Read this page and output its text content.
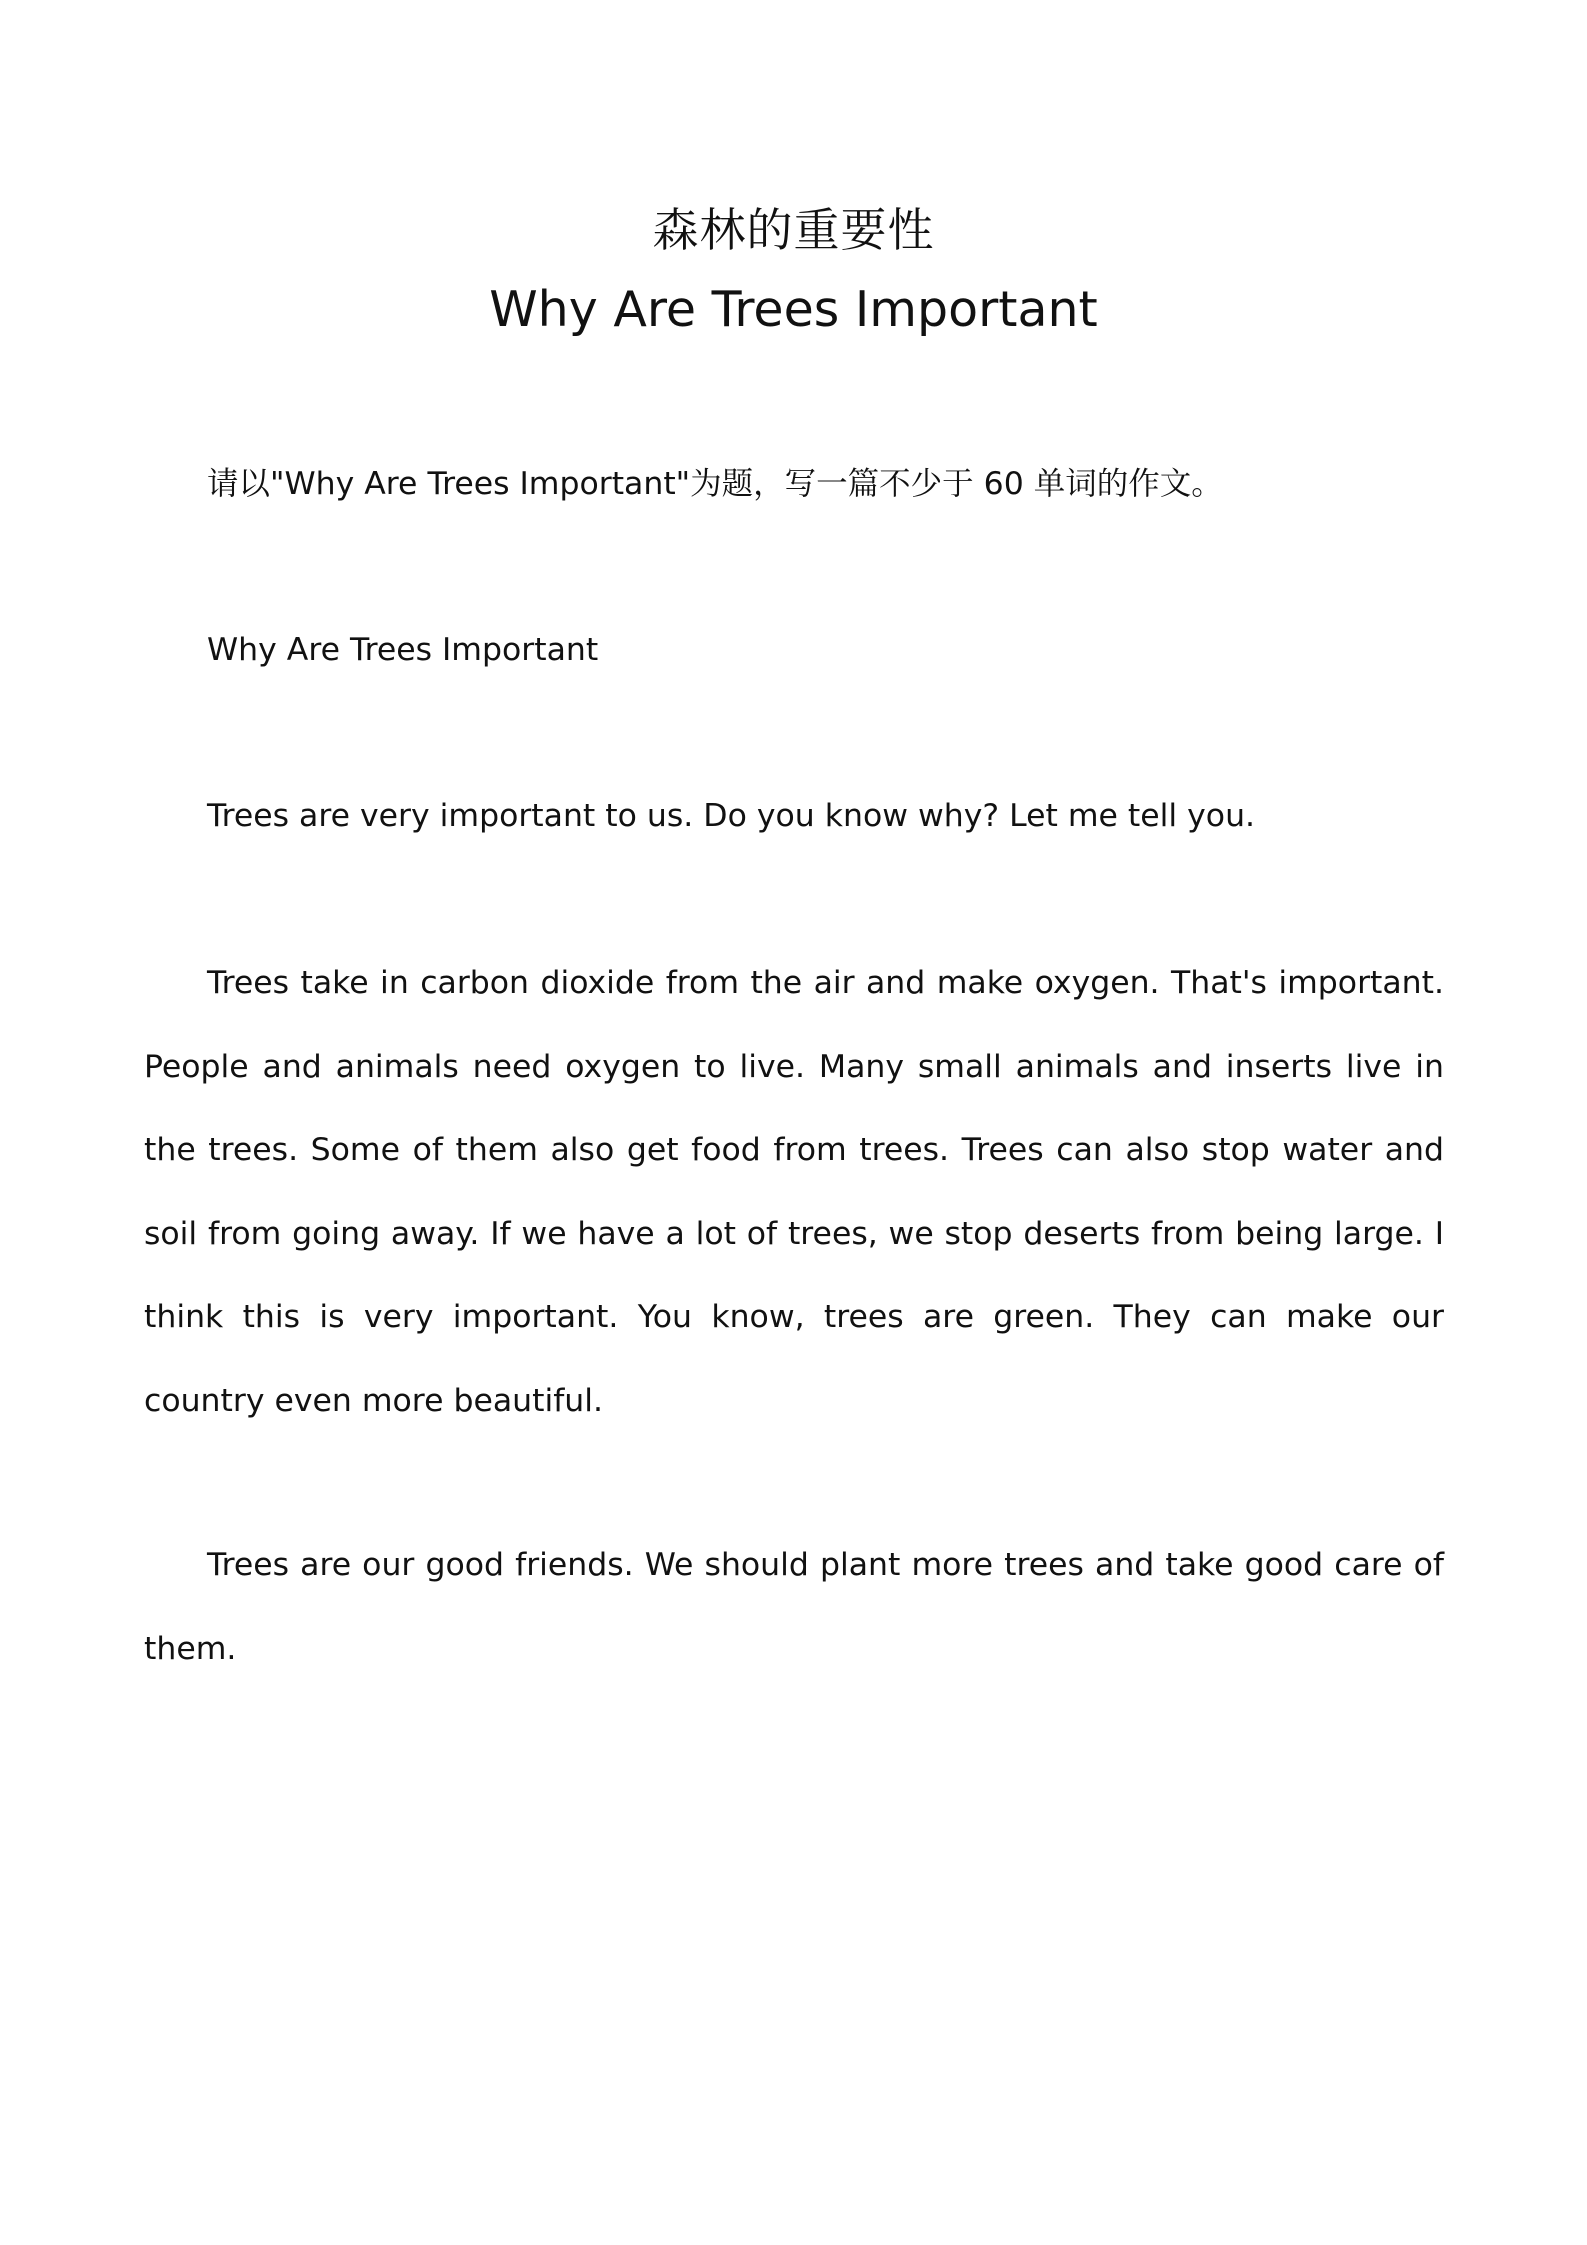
森林的重要性
Why Are Trees Important

请以"Why Are Trees Important"为题，写一篇不少于 60 单词的作文。

Why Are Trees Important

Trees are very important to us. Do you know why? Let me tell you.

Trees take in carbon dioxide from the air and make oxygen. That's important. People and animals need oxygen to live. Many small animals and inserts live in the trees. Some of them also get food from trees. Trees can also stop water and soil from going away. If we have a lot of trees, we stop deserts from being large. I think this is very important. You know, trees are green. They can make our country even more beautiful.

Trees are our good friends. We should plant more trees and take good care of them.
